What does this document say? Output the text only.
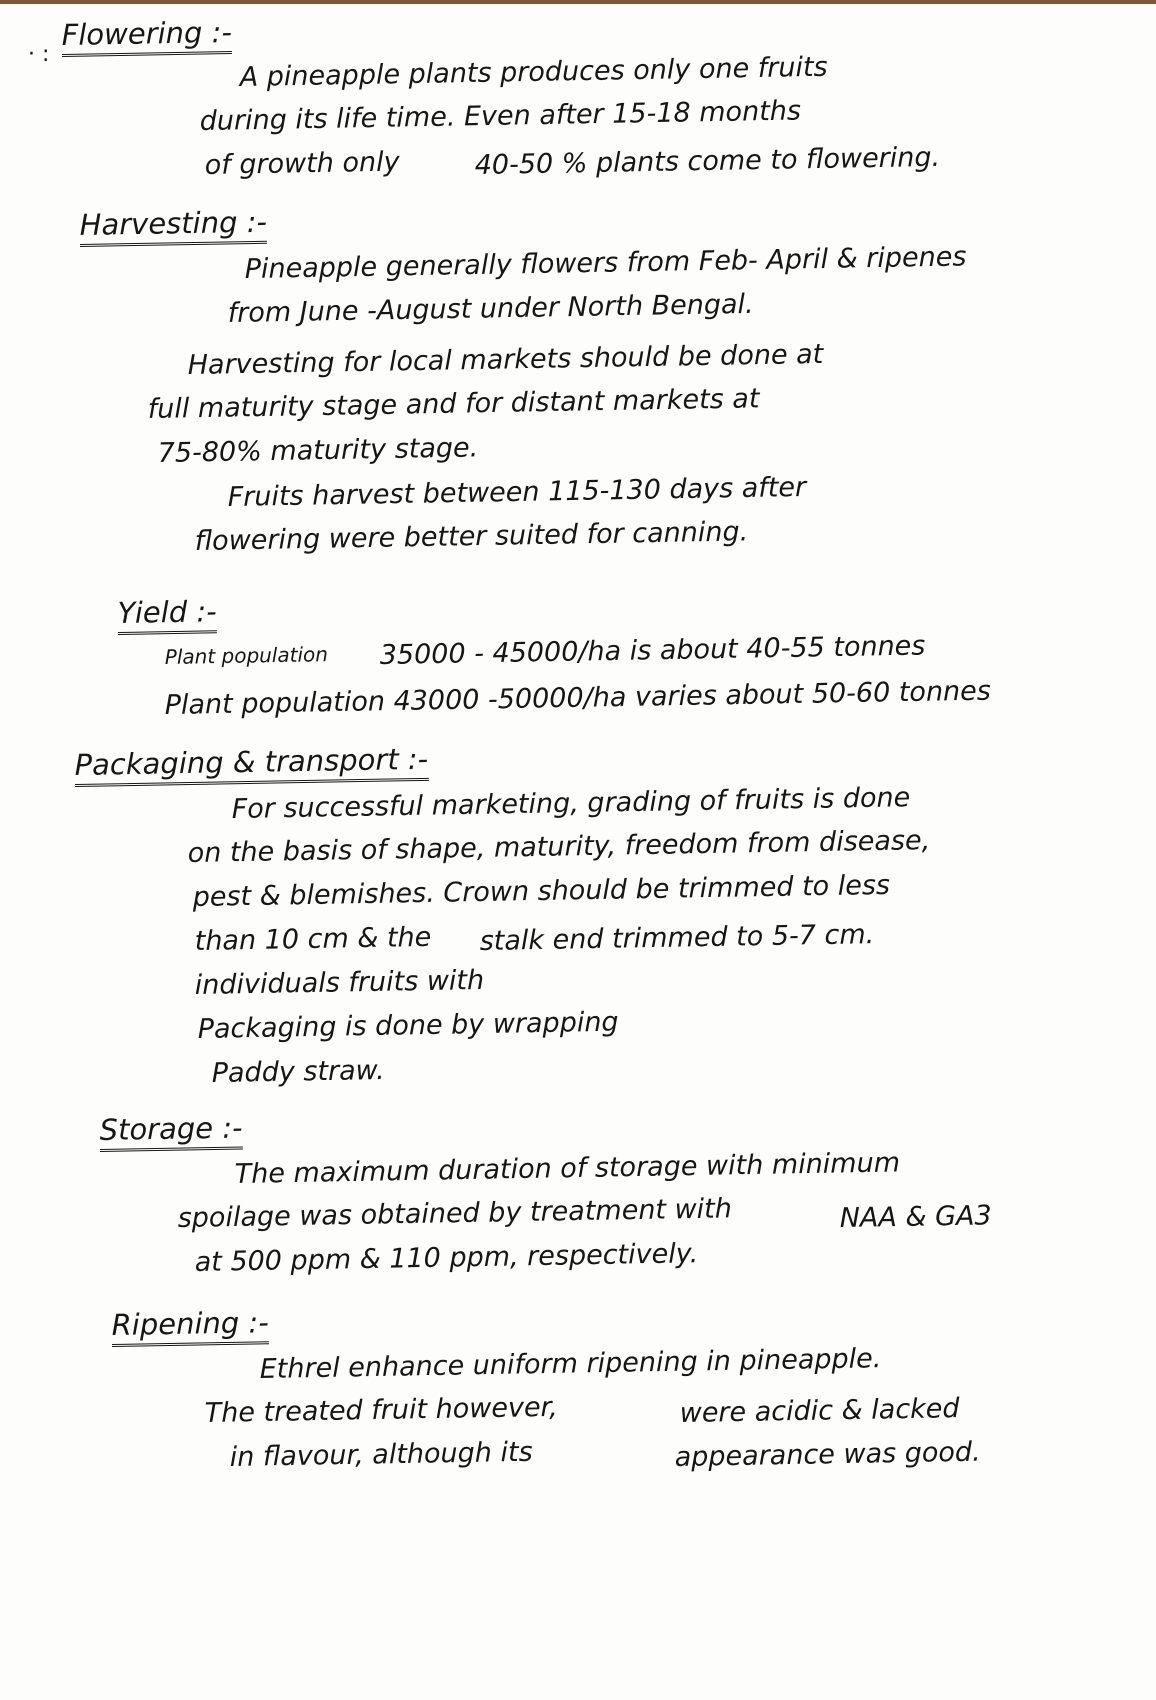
· :
Flowering :-
A pineapple plants produces only one fruits
during its life time. Even after 15-18 months
of growth only	40-50 % plants come to flowering.
Harvesting :-
Pineapple generally flowers from Feb- April & ripenes
from June -August under North Bengal.
Harvesting for local markets should be done at
full maturity stage and for distant markets at
75-80% maturity stage.
Fruits harvest between 115-130 days after
flowering were better suited for canning.
Yield :-
Plant population 35000 - 45000/ha is about 40-55 tonnes
Plant population 43000 -50000/ha varies about 50-60 tonnes
Packaging & transport :-
For successful marketing, grading of fruits is done
on the basis of shape, maturity, freedom from disease,
pest & blemishes. Crown should be trimmed to less
than 10 cm & the stalk end trimmed to 5-7 cm.
individuals fruits with
Packaging is done by wrapping
Paddy straw.
Storage :-
The maximum duration of storage with minimum
spoilage was obtained by treatment with	NAA & GA3
at 500 ppm & 110 ppm, respectively.
Ripening :-
Ethrel enhance uniform ripening in pineapple.
The treated fruit however,	were acidic & lacked
in flavour, although its	appearance was good.
